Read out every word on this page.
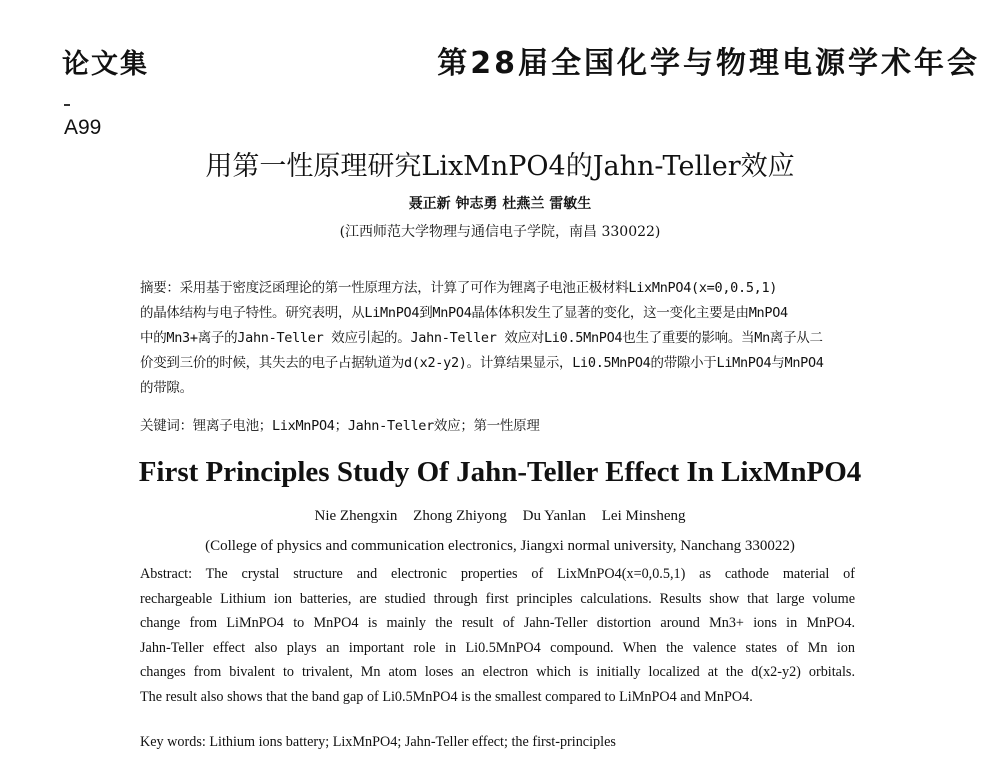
论文集	第28届全国化学与物理电源学术年会
A99
用第一性原理研究LixMnPO4的Jahn-Teller效应
聂正新 钟志勇 杜燕兰 雷敏生
(江西师范大学物理与通信电子学院，南昌 330022)
摘要：采用基于密度泛函理论的第一性原理方法，计算了可作为锂离子电池正极材料LixMnPO4(x=0,0.5,1)
的晶体结构与电子特性。研究表明，从LiMnPO4到MnPO4晶体体积发生了显著的变化，这一变化主要是由MnPO4
中的Mn3+离子的Jahn-Teller 效应引起的。Jahn-Teller 效应对Li0.5MnPO4也生了重要的影响。当Mn离子从二
价变到三价的时候，其失去的电子占据轨道为d(x2-y2)。计算结果显示，Li0.5MnPO4的带隙小于LiMnPO4与MnPO4
的带隙。
关键词：锂离子电池；LixMnPO4；Jahn-Teller效应；第一性原理
First Principles Study Of Jahn-Teller Effect In LixMnPO4
Nie Zhengxin Zhong Zhiyong Du Yanlan Lei Minsheng
(College of physics and communication electronics, Jiangxi normal university, Nanchang 330022)
Abstract: The crystal structure and electronic properties of LixMnPO4(x=0,0.5,1) as cathode material of
rechargeable Lithium ion batteries, are studied through first principles calculations. Results show that large volume
change from LiMnPO4 to MnPO4 is mainly the result of Jahn-Teller distortion around Mn3+ ions in MnPO4.
Jahn-Teller effect also plays an important role in Li0.5MnPO4 compound. When the valence states of Mn ion
changes from bivalent to trivalent, Mn atom loses an electron which is initially localized at the d(x2-y2) orbitals.
The result also shows that the band gap of Li0.5MnPO4 is the smallest compared to LiMnPO4 and MnPO4.
Key words: Lithium ions battery; LixMnPO4; Jahn-Teller effect; the first-principles
